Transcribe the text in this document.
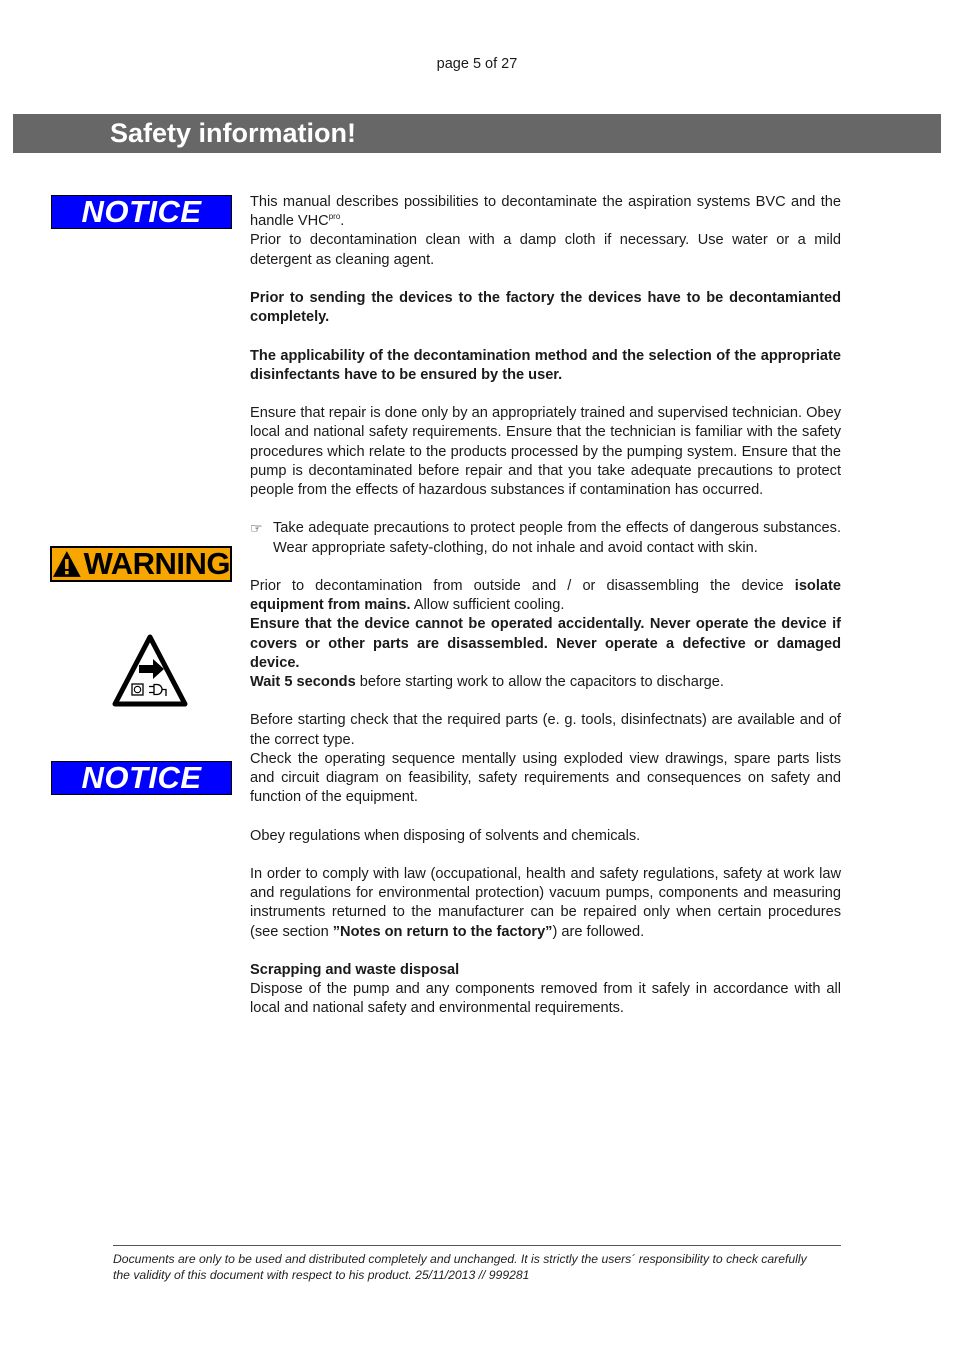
page 5 of 27
Safety information!
NOTICE
WARNING
NOTICE

This manual describes possibilities to decontaminate the aspiration systems BVC and the handle $VHC^{pro}$.

Prior to decontamination clean with a damp cloth if necessary. Use water or a mild detergent as cleaning agent.

Prior to sending the devices to the factory the devices have to be decontamianted completely.

The applicability of the decontamination method and the selection of the appropriate disinfectants have to be ensured by the user.

Ensure that repair is done only by an appropriately trained and supervised technician. Obey local and national safety requirements. Ensure that the technician is familiar with the safety procedures which relate to the products processed by the pumping system. Ensure that the pump is decontaminated before repair and that you take adequate precautions to protect people from the effects of hazardous substances if contamination has occurred.

☞ Take adequate precautions to protect people from the effects of dangerous substances. Wear appropriate safety-clothing, do not inhale and avoid contact with skin.

Prior to decontamination from outside and / or disassembling the device isolate equipment from mains. Allow sufficient cooling.

Ensure that the device cannot be operated accidentally. Never operate the device if covers or other parts are disassembled. Never operate a defective or damaged device.

Wait 5 seconds before starting work to allow the capacitors to discharge.

Before starting check that the required parts (e. g. tools, disinfectnats) are available and of the correct type.

Check the operating sequence mentally using exploded view drawings, spare parts lists and circuit diagram on feasibility, safety requirements and consequences on safety and function of the equipment.

Obey regulations when disposing of solvents and chemicals.

In order to comply with law (occupational, health and safety regulations, safety at work law and regulations for environmental protection) vacuum pumps, components and measuring instruments returned to the manufacturer can be repaired only when certain procedures (see section ”Notes on return to the factory”) are followed.

Scrapping and waste disposal

Dispose of the pump and any components removed from it safely in accordance with all local and national safety and environmental requirements.

Documents are only to be used and distributed completely and unchanged. It is strictly the users´ responsibility to check carefully

the validity of this document with respect to his product. 25/11/2013 // 999281
